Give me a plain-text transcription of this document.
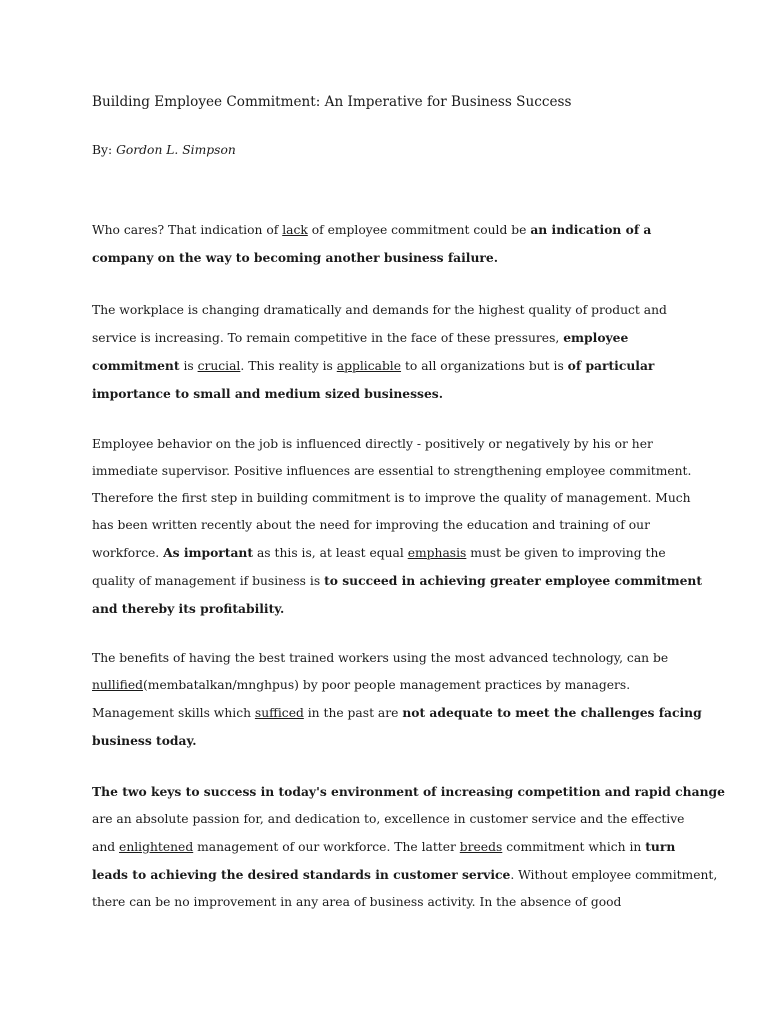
Building Employee Commitment: An Imperative for Business Success

By: Gordon L. Simpson

Who cares? That indication of lack of employee commitment could be an indication of a
company on the way to becoming another business failure.

The workplace is changing dramatically and demands for the highest quality of product and
service is increasing. To remain competitive in the face of these pressures, employee
commitment is crucial. This reality is applicable to all organizations but is of particular
importance to small and medium sized businesses.

Employee behavior on the job is influenced directly - positively or negatively by his or her
immediate supervisor. Positive influences are essential to strengthening employee commitment.
Therefore the first step in building commitment is to improve the quality of management. Much
has been written recently about the need for improving the education and training of our
workforce. As important as this is, at least equal emphasis must be given to improving the
quality of management if business is to succeed in achieving greater employee commitment
and thereby its profitability.

The benefits of having the best trained workers using the most advanced technology, can be
nullified(membatalkan/mnghpus) by poor people management practices by managers.
Management skills which sufficed in the past are not adequate to meet the challenges facing
business today.

The two keys to success in today's environment of increasing competition and rapid change
are an absolute passion for, and dedication to, excellence in customer service and the effective
and enlightened management of our workforce. The latter breeds commitment which in turn
leads to achieving the desired standards in customer service. Without employee commitment,
there can be no improvement in any area of business activity. In the absence of good
